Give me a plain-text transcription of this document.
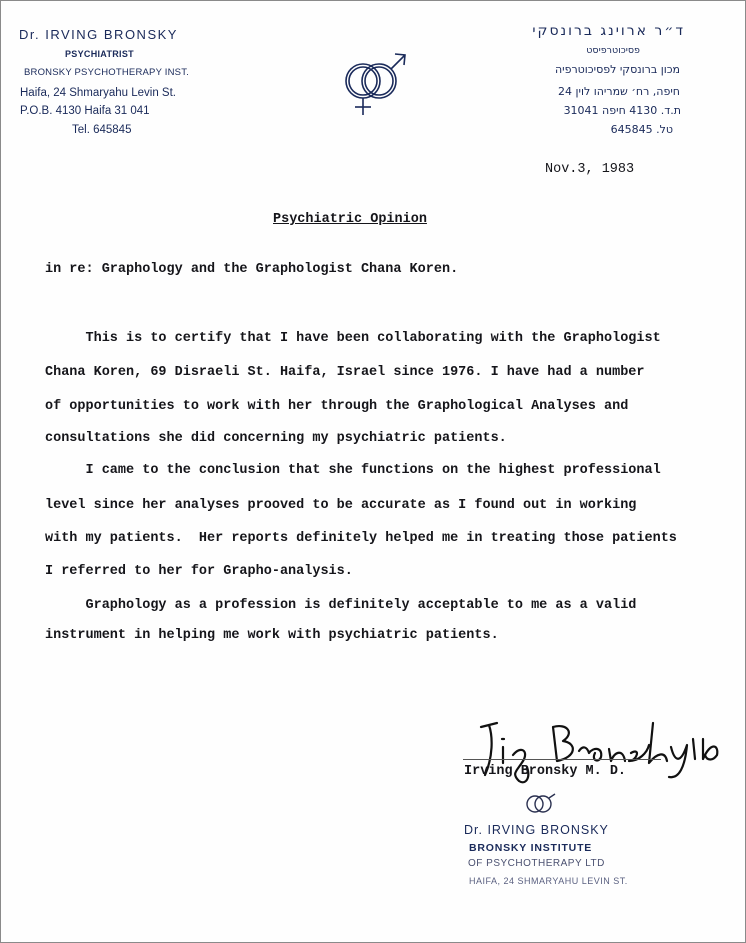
Dr. IRVING BRONSKY
PSYCHIATRIST
BRONSKY PSYCHOTHERAPY INST.
Haifa, 24 Shmaryahu Levin St.
P.O.B. 4130 Haifa 31 041
Tel. 645845
ד״ר ארוינג ברונסקי
פסיכוטרפיסט
מכון ברונסקי לפסיכוטרפיה
חיפה, רח׳ שמריהו לוין 24
ת.ד. 4130 חיפה 31041
טל. 645845
Nov.3, 1983
Psychiatric Opinion
in re: Graphology and the Graphologist Chana Koren.
This is to certify that I have been collaborating with the Graphologist
Chana Koren, 69 Disraeli St. Haifa, Israel since 1976. I have had a number
of opportunities to work with her through the Graphological Analyses and
consultations she did concerning my psychiatric patients.
I came to the conclusion that she functions on the highest professional
level since her analyses prooved to be accurate as I found out in working
with my patients.  Her reports definitely helped me in treating those patients
I referred to her for Grapho-analysis.
Graphology as a profession is definitely acceptable to me as a valid
instrument in helping me work with psychiatric patients.
Irving Bronsky M. D.
Dr. IRVING BRONSKY
BRONSKY INSTITUTE
OF PSYCHOTHERAPY LTD
HAIFA, 24 SHMARYAHU LEVIN ST.
